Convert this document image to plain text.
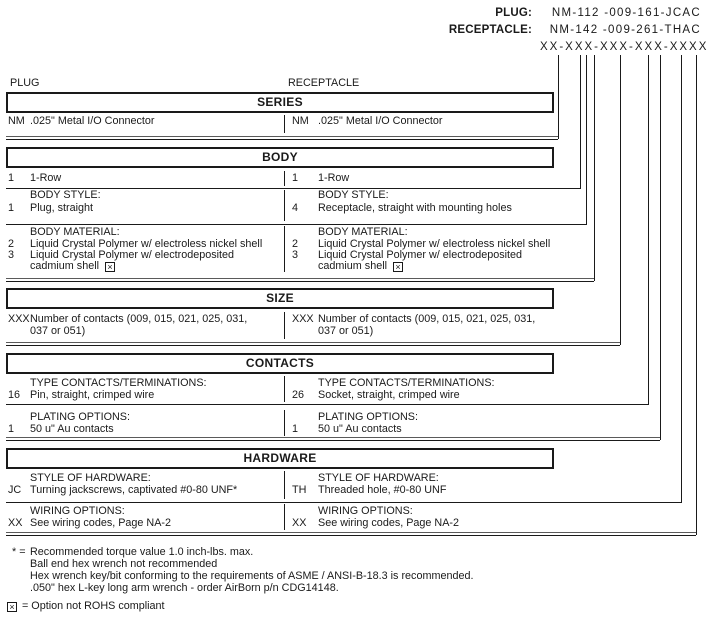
PLUG:	NM-112 -009-161-JCAC
RECEPTACLE:	NM-142 -009-261-THAC
XX-XXX-XXX-XXX-XXXX
PLUG	RECEPTACLE
SERIES
NM .025" Metal I/O Connector	NM .025" Metal I/O Connector
BODY
1 1-Row	1 1-Row
BODY STYLE:	BODY STYLE:
1 Plug, straight	4 Receptacle, straight with mounting holes
BODY MATERIAL:	BODY MATERIAL:
2 Liquid Crystal Polymer w/ electroless nickel shell	2 Liquid Crystal Polymer w/ electroless nickel shell
3 Liquid Crystal Polymer w/ electrodeposited	3 Liquid Crystal Polymer w/ electrodeposited
cadmium shell ×	cadmium shell ×
SIZE
XXX Number of contacts (009, 015, 021, 025, 031,	XXX Number of contacts (009, 015, 021, 025, 031,
037 or 051)	037 or 051)
CONTACTS
TYPE CONTACTS/TERMINATIONS:	TYPE CONTACTS/TERMINATIONS:
16 Pin, straight, crimped wire	26 Socket, straight, crimped wire
PLATING OPTIONS:	PLATING OPTIONS:
1 50 u" Au contacts	1 50 u" Au contacts
HARDWARE
STYLE OF HARDWARE:	STYLE OF HARDWARE:
JC Turning jackscrews, captivated #0-80 UNF*	TH Threaded hole, #0-80 UNF
WIRING OPTIONS:	WIRING OPTIONS:
XX See wiring codes, Page NA-2	XX See wiring codes, Page NA-2
* = Recommended torque value 1.0 inch-lbs. max.
Ball end hex wrench not recommended
Hex wrench key/bit conforming to the requirements of ASME / ANSI-B-18.3 is recommended.
.050" hex L-key long arm wrench - order AirBorn p/n CDG14148.
× = Option not ROHS compliant
